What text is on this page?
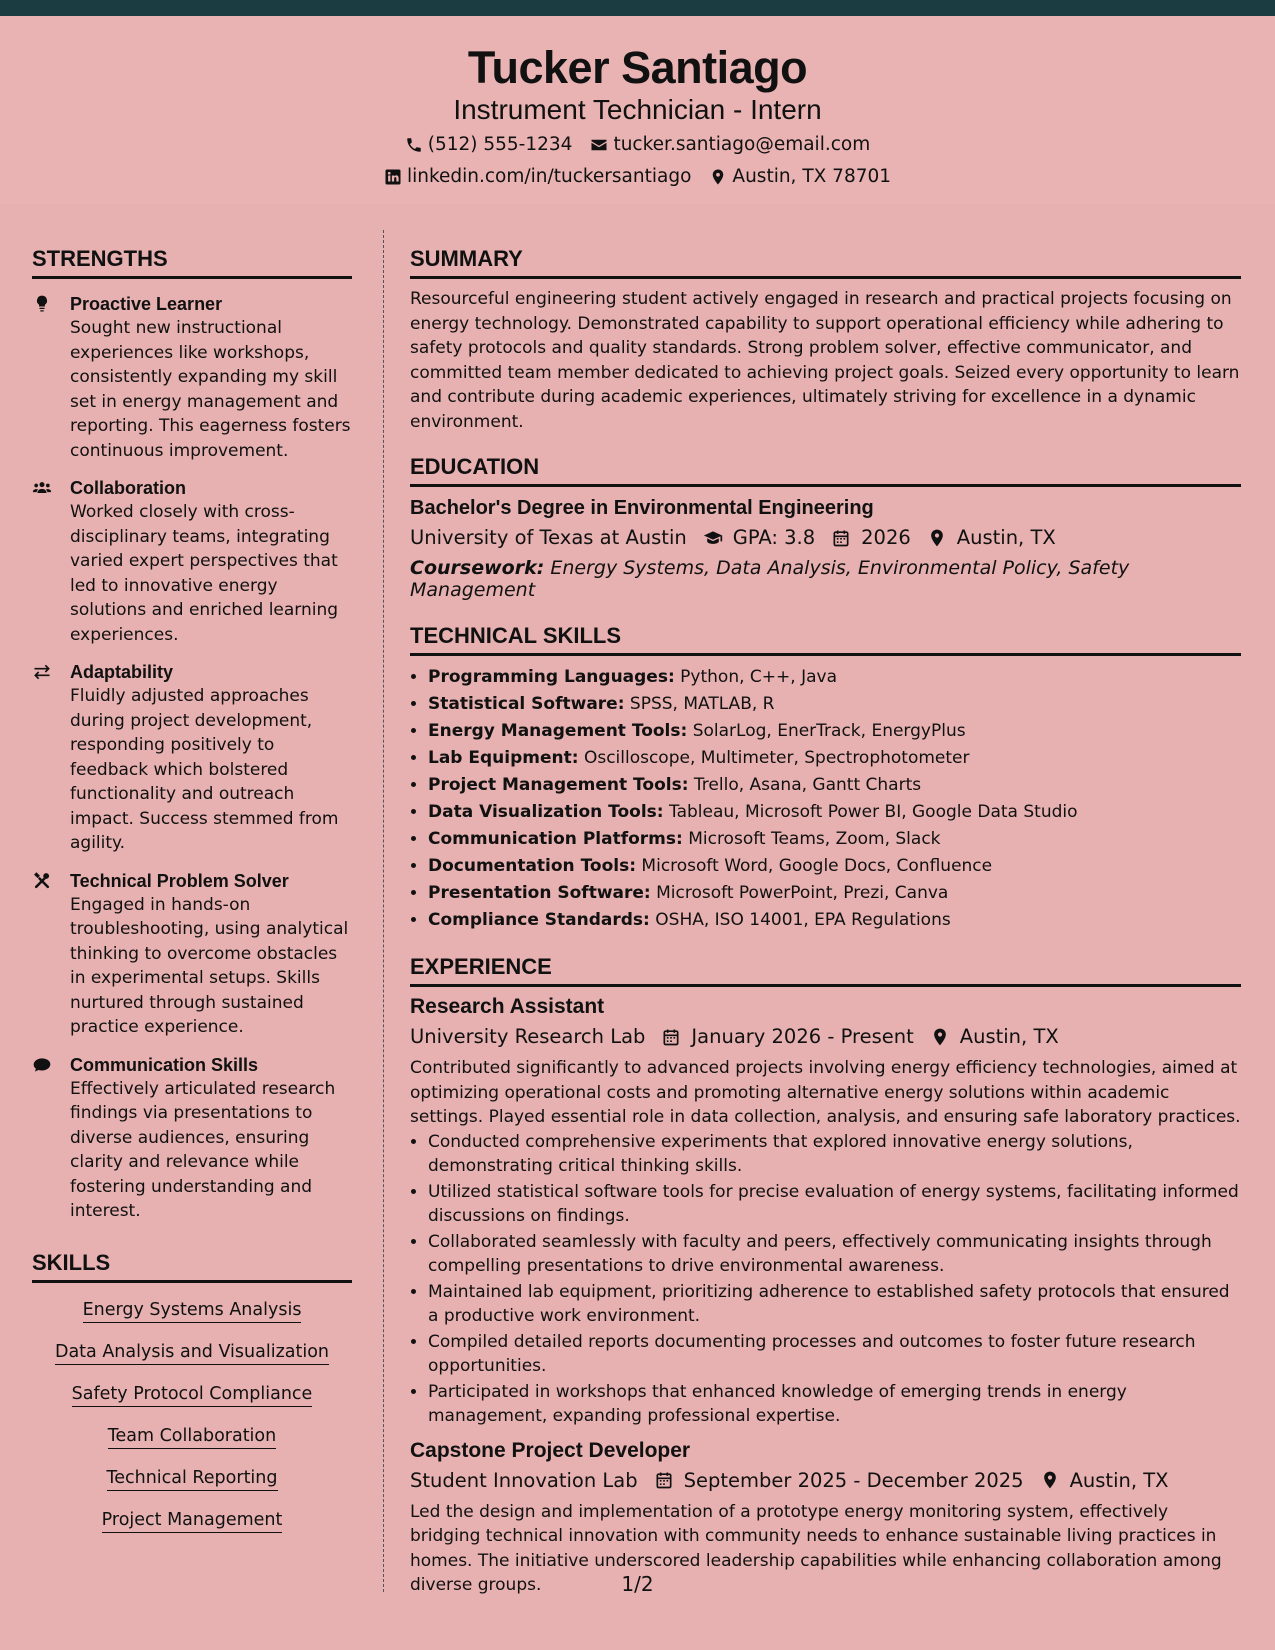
Tucker Santiago
Instrument Technician - Intern
(512) 555-1234 tucker.santiago@email.com
linkedin.com/in/tuckersantiago Austin, TX 78701
STRENGTHS
Proactive Learner
Sought new instructional experiences like workshops, consistently expanding my skill set in energy management and reporting. This eagerness fosters continuous improvement.
Collaboration
Worked closely with cross-disciplinary teams, integrating varied expert perspectives that led to innovative energy solutions and enriched learning experiences.
Adaptability
Fluidly adjusted approaches during project development, responding positively to feedback which bolstered functionality and outreach impact. Success stemmed from agility.
Technical Problem Solver
Engaged in hands-on troubleshooting, using analytical thinking to overcome obstacles in experimental setups. Skills nurtured through sustained practice experience.
Communication Skills
Effectively articulated research findings via presentations to diverse audiences, ensuring clarity and relevance while fostering understanding and interest.
SKILLS
Energy Systems Analysis
Data Analysis and Visualization
Safety Protocol Compliance
Team Collaboration
Technical Reporting
Project Management
SUMMARY
Resourceful engineering student actively engaged in research and practical projects focusing on energy technology. Demonstrated capability to support operational efficiency while adhering to safety protocols and quality standards. Strong problem solver, effective communicator, and committed team member dedicated to achieving project goals. Seized every opportunity to learn and contribute during academic experiences, ultimately striving for excellence in a dynamic environment.
EDUCATION
Bachelor's Degree in Environmental Engineering
University of Texas at Austin GPA: 3.8 2026 Austin, TX
Coursework: Energy Systems, Data Analysis, Environmental Policy, Safety Management
TECHNICAL SKILLS
• Programming Languages: Python, C++, Java
• Statistical Software: SPSS, MATLAB, R
• Energy Management Tools: SolarLog, EnerTrack, EnergyPlus
• Lab Equipment: Oscilloscope, Multimeter, Spectrophotometer
• Project Management Tools: Trello, Asana, Gantt Charts
• Data Visualization Tools: Tableau, Microsoft Power BI, Google Data Studio
• Communication Platforms: Microsoft Teams, Zoom, Slack
• Documentation Tools: Microsoft Word, Google Docs, Confluence
• Presentation Software: Microsoft PowerPoint, Prezi, Canva
• Compliance Standards: OSHA, ISO 14001, EPA Regulations
EXPERIENCE
Research Assistant
University Research Lab January 2026 - Present Austin, TX
Contributed significantly to advanced projects involving energy efficiency technologies, aimed at optimizing operational costs and promoting alternative energy solutions within academic settings. Played essential role in data collection, analysis, and ensuring safe laboratory practices.
• Conducted comprehensive experiments that explored innovative energy solutions, demonstrating critical thinking skills.
• Utilized statistical software tools for precise evaluation of energy systems, facilitating informed discussions on findings.
• Collaborated seamlessly with faculty and peers, effectively communicating insights through compelling presentations to drive environmental awareness.
• Maintained lab equipment, prioritizing adherence to established safety protocols that ensured a productive work environment.
• Compiled detailed reports documenting processes and outcomes to foster future research opportunities.
• Participated in workshops that enhanced knowledge of emerging trends in energy management, expanding professional expertise.
Capstone Project Developer
Student Innovation Lab September 2025 - December 2025 Austin, TX
Led the design and implementation of a prototype energy monitoring system, effectively bridging technical innovation with community needs to enhance sustainable living practices in homes. The initiative underscored leadership capabilities while enhancing collaboration among diverse groups.	1/2
